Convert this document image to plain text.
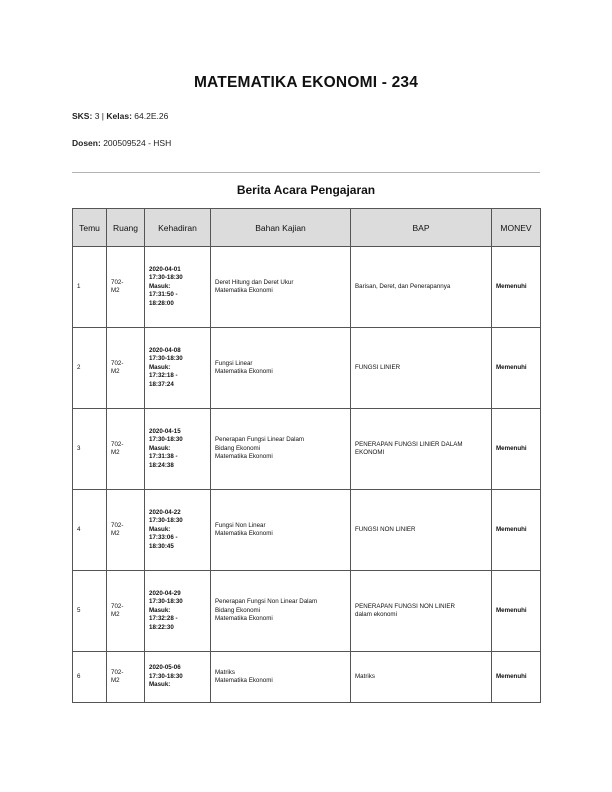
MATEMATIKA EKONOMI - 234
SKS: 3 | Kelas: 64.2E.26
Dosen: 200509524 - HSH
Berita Acara Pengajaran
Temu	Ruang	Kehadiran	Bahan Kajian	BAP	MONEV
1	702-
M2	2020-04-01
17:30-18:30
Masuk:
17:31:50 -
18:28:00	Deret Hitung dan Deret Ukur
Matematika Ekonomi	Barisan, Deret, dan Penerapannya	Memenuhi
2	702-
M2	2020-04-08
17:30-18:30
Masuk:
17:32:18 -
18:37:24	Fungsi Linear
Matematika Ekonomi	FUNGSI LINIER	Memenuhi
3	702-
M2	2020-04-15
17:30-18:30
Masuk:
17:31:38 -
18:24:38	Penerapan Fungsi Linear Dalam
Bidang Ekonomi
Matematika Ekonomi	PENERAPAN FUNGSI LINIER DALAM
EKONOMI	Memenuhi
4	702-
M2	2020-04-22
17:30-18:30
Masuk:
17:33:06 -
18:30:45	Fungsi Non Linear
Matematika Ekonomi	FUNGSI NON LINIER	Memenuhi
5	702-
M2	2020-04-29
17:30-18:30
Masuk:
17:32:28 -
18:22:30	Penerapan Fungsi Non Linear Dalam
Bidang Ekonomi
Matematika Ekonomi	PENERAPAN FUNGSI NON LINIER
dalam ekonomi	Memenuhi
6	702-
M2	2020-05-06
17:30-18:30
Masuk:	Matriks
Matematika Ekonomi	Matriks	Memenuhi
